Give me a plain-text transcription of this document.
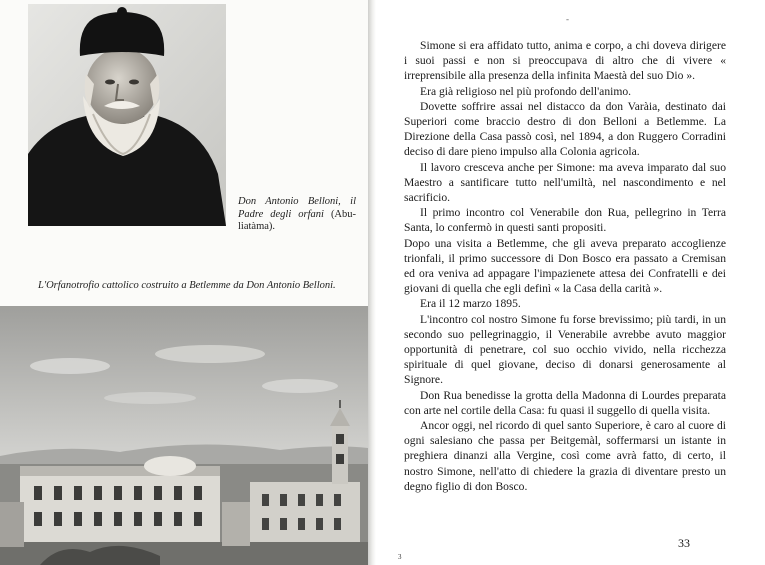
Don Antonio Belloni, il Padre degli orfani (Abu-liatàma).
L'Orfanotrofio cattolico costruito a Betlemme da Don Antonio Belloni.
-

Simone si era affidato tutto, anima e corpo, a chi doveva dirigere i suoi passi e non si preoccupava di altro che di vivere « irreprensibile alla presenza della infinita Maestà del suo Dio ».

Era già religioso nel più profondo dell'animo.

Dovette soffrire assai nel distacco da don Varàia, destinato dai Superiori come braccio destro di don Belloni a Betlemme. La Direzione della Casa passò così, nel 1894, a don Ruggero Corradini deciso di dare pieno impulso alla Colonia agricola.

Il lavoro cresceva anche per Simone: ma aveva imparato dal suo Maestro a santificare tutto nell'umiltà, nel nascondimento e nel sacrificio.

Il primo incontro col Venerabile don Rua, pellegrino in Terra Santa, lo confermò in questi santi propositi.

Dopo una visita a Betlemme, che gli aveva preparato accoglienze trionfali, il primo successore di Don Bosco era passato a Cremisan ed ora veniva ad appagare l'impazienete attesa dei Confratelli e dei giovani di quella che egli definì « la Casa della carità ».

Era il 12 marzo 1895.

L'incontro col nostro Simone fu forse brevissimo; più tardi, in un secondo suo pellegrinaggio, il Venerabile avrebbe avuto maggior opportunità di penetrare, col suo occhio vivido, nella ricchezza spirituale di quel giovane, deciso di donarsi generosamente al Signore.

Don Rua benedisse la grotta della Madonna di Lourdes preparata con arte nel cortile della Casa: fu quasi il suggello di quella visita.

Ancor oggi, nel ricordo di quel santo Superiore, è caro al cuore di ogni salesiano che passa per Beitgemàl, soffermarsi un istante in preghiera dinanzi alla Vergine, così come avrà fatto, di certo, il nostro Simone, nell'atto di chiedere la grazia di diventare presto un degno figlio di don Bosco.

33
3
